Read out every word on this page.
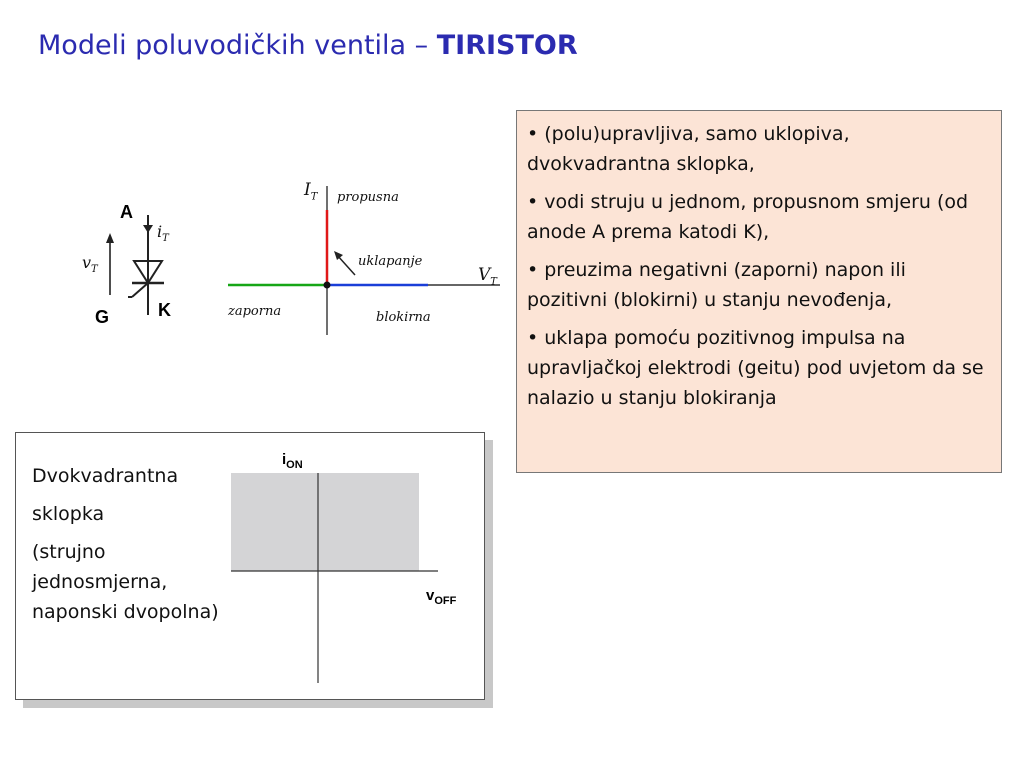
Modeli poluvodičkih ventila – TIRISTOR
A
G	K
$i_T$
$v_T$
$I_T$ propusna
uklapanje
$V_T$
zaporna	blokirna

• (polu)upravljiva, samo uklopiva, dvokvadrantna sklopka,

• vodi struju u jednom, propusnom smjeru (od anode A prema katodi K),

• preuzima negativni (zaporni) napon ili pozitivni (blokirni) u stanju nevođenja,

• uklapa pomoću pozitivnog impulsa na upravljačkoj elektrodi (geitu) pod uvjetom da se nalazio u stanju blokiranja

Dvokvadrantna

sklopka

(strujno jednosmjerna, naponski dvopolna)

$i_{ON}$
$v_{OFF}$
